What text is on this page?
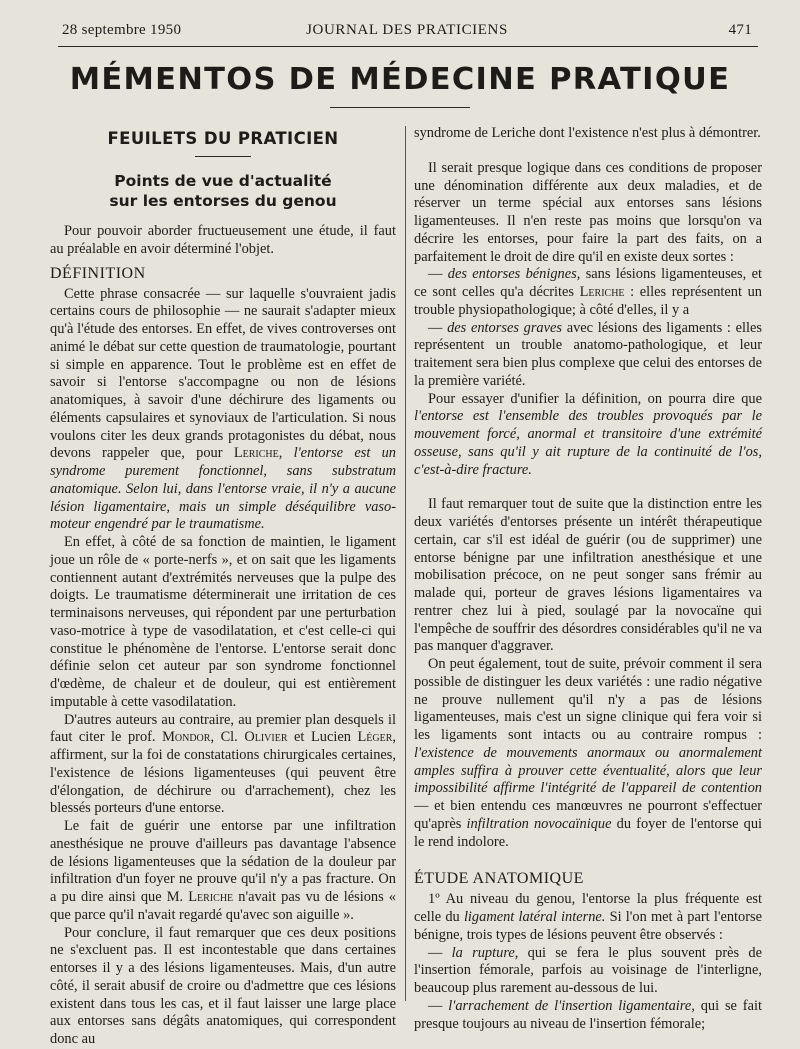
28 septembre 1950	JOURNAL DES PRATICIENS	471
MÉMENTOS DE MÉDECINE PRATIQUE
FEUILETS DU PRATICIEN
Points de vue d'actualité
sur les entorses du genou

Pour pouvoir aborder fructueusement une étude, il faut au préalable en avoir déterminé l'objet.

DÉFINITION

Cette phrase consacrée — sur laquelle s'ouvraient jadis certains cours de philosophie — ne saurait s'adapter mieux qu'à l'étude des entorses. En effet, de vives controverses ont animé le débat sur cette question de traumatologie, pourtant si simple en apparence. Tout le problème est en effet de savoir si l'entorse s'accompagne ou non de lésions anatomiques, à savoir d'une déchirure des ligaments ou éléments capsulaires et synoviaux de l'articulation. Si nous voulons citer les deux grands protagonistes du débat, nous devons rappeler que, pour Leriche, l'entorse est un syndrome purement fonctionnel, sans substratum anatomique. Selon lui, dans l'entorse vraie, il n'y a aucune lésion ligamentaire, mais un simple déséquilibre vaso-moteur engendré par le traumatisme.

En effet, à côté de sa fonction de maintien, le ligament joue un rôle de « porte-nerfs », et on sait que les ligaments contiennent autant d'extrémités nerveuses que la pulpe des doigts. Le traumatisme déterminerait une irritation de ces terminaisons nerveuses, qui répondent par une perturbation vaso-motrice à type de vasodilatation, et c'est celle-ci qui constitue le phénomène de l'entorse. L'entorse serait donc définie selon cet auteur par son syndrome fonctionnel d'œdème, de chaleur et de douleur, qui est entièrement imputable à cette vasodilatation.

D'autres auteurs au contraire, au premier plan desquels il faut citer le prof. Mondor, Cl. Olivier et Lucien Léger, affirment, sur la foi de constatations chirurgicales certaines, l'existence de lésions ligamenteuses (qui peuvent être d'élongation, de déchirure ou d'arrachement), chez les blessés porteurs d'une entorse.

Le fait de guérir une entorse par une infiltration anesthésique ne prouve d'ailleurs pas davantage l'absence de lésions ligamenteuses que la sédation de la douleur par infiltration d'un foyer ne prouve qu'il n'y a pas fracture. On a pu dire ainsi que M. Leriche n'avait pas vu de lésions « que parce qu'il n'avait regardé qu'avec son aiguille ».

Pour conclure, il faut remarquer que ces deux positions ne s'excluent pas. Il est incontestable que dans certaines entorses il y a des lésions ligamenteuses. Mais, d'un autre côté, il serait abusif de croire ou d'admettre que ces lésions existent dans tous les cas, et il faut laisser une large place aux entorses sans dégâts anatomiques, qui correspondent donc au

syndrome de Leriche dont l'existence n'est plus à démontrer.

Il serait presque logique dans ces conditions de proposer une dénomination différente aux deux maladies, et de réserver un terme spécial aux entorses sans lésions ligamenteuses. Il n'en reste pas moins que lorsqu'on va décrire les entorses, pour faire la part des faits, on a parfaitement le droit de dire qu'il en existe deux sortes :

— des entorses bénignes, sans lésions ligamenteuses, et ce sont celles qu'a décrites Leriche : elles représentent un trouble physiopathologique; à côté d'elles, il y a

— des entorses graves avec lésions des ligaments : elles représentent un trouble anatomo-pathologique, et leur traitement sera bien plus complexe que celui des entorses de la première variété.

Pour essayer d'unifier la définition, on pourra dire que l'entorse est l'ensemble des troubles provoqués par le mouvement forcé, anormal et transitoire d'une extrémité osseuse, sans qu'il y ait rupture de la continuité de l'os, c'est-à-dire fracture.

Il faut remarquer tout de suite que la distinction entre les deux variétés d'entorses présente un intérêt thérapeutique certain, car s'il est idéal de guérir (ou de supprimer) une entorse bénigne par une infiltration anesthésique et une mobilisation précoce, on ne peut songer sans frémir au malade qui, porteur de graves lésions ligamentaires va rentrer chez lui à pied, soulagé par la novocaïne qui l'empêche de souffrir des désordres considérables qu'il ne va pas manquer d'aggraver.

On peut également, tout de suite, prévoir comment il sera possible de distinguer les deux variétés : une radio négative ne prouve nullement qu'il n'y a pas de lésions ligamenteuses, mais c'est un signe clinique qui fera voir si les ligaments sont intacts ou au contraire rompus : l'existence de mouvements anormaux ou anormalement amples suffira à prouver cette éventualité, alors que leur impossibilité affirme l'intégrité de l'appareil de contention — et bien entendu ces manœuvres ne pourront s'effectuer qu'après infiltration novocaïnique du foyer de l'entorse qui le rend indolore.

ÉTUDE ANATOMIQUE

1º Au niveau du genou, l'entorse la plus fréquente est celle du ligament latéral interne. Si l'on met à part l'entorse bénigne, trois types de lésions peuvent être observés :

— la rupture, qui se fera le plus souvent près de l'insertion fémorale, parfois au voisinage de l'interligne, beaucoup plus rarement au-dessous de lui.

— l'arrachement de l'insertion ligamentaire, qui se fait presque toujours au niveau de l'insertion fémorale;
